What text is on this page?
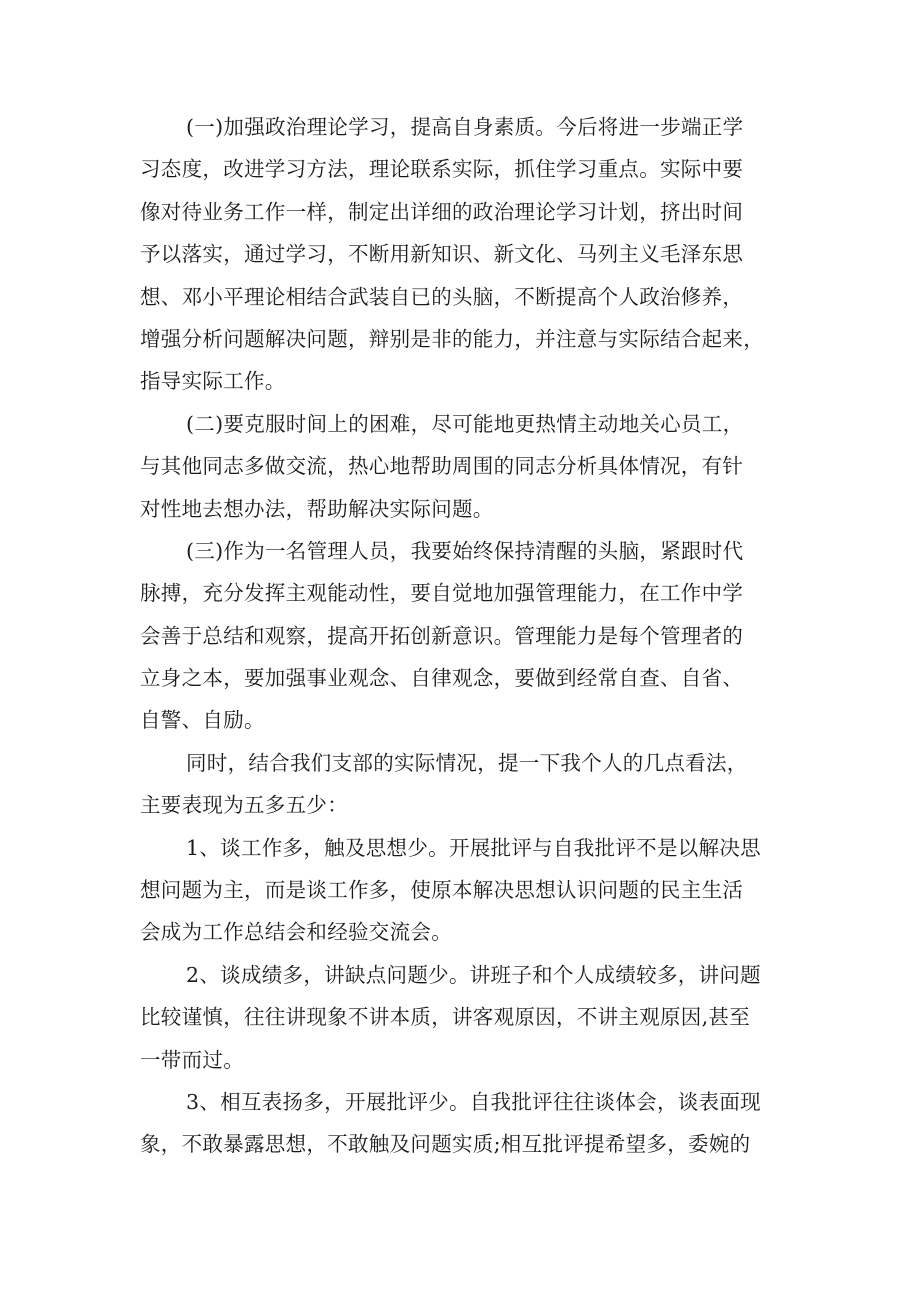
(一)加强政治理论学习，提高自身素质。今后将进一步端正学
习态度，改进学习方法，理论联系实际，抓住学习重点。实际中要
像对待业务工作一样，制定出详细的政治理论学习计划，挤出时间
予以落实，通过学习，不断用新知识、新文化、马列主义毛泽东思
想、邓小平理论相结合武装自已的头脑，不断提高个人政治修养，
增强分析问题解决问题，辩别是非的能力，并注意与实际结合起来，
指导实际工作。
(二)要克服时间上的困难，尽可能地更热情主动地关心员工，
与其他同志多做交流，热心地帮助周围的同志分析具体情况，有针
对性地去想办法，帮助解决实际问题。
(三)作为一名管理人员，我要始终保持清醒的头脑，紧跟时代
脉搏，充分发挥主观能动性，要自觉地加强管理能力，在工作中学
会善于总结和观察，提高开拓创新意识。管理能力是每个管理者的
立身之本，要加强事业观念、自律观念，要做到经常自查、自省、
自警、自励。
同时，结合我们支部的实际情况，提一下我个人的几点看法，
主要表现为五多五少：
1、谈工作多，触及思想少。开展批评与自我批评不是以解决思
想问题为主，而是谈工作多，使原本解决思想认识问题的民主生活
会成为工作总结会和经验交流会。
2、谈成绩多，讲缺点问题少。讲班子和个人成绩较多，讲问题
比较谨慎，往往讲现象不讲本质，讲客观原因，不讲主观原因,甚至
一带而过。
3、相互表扬多，开展批评少。自我批评往往谈体会，谈表面现
象，不敢暴露思想，不敢触及问题实质;相互批评提希望多，委婉的
